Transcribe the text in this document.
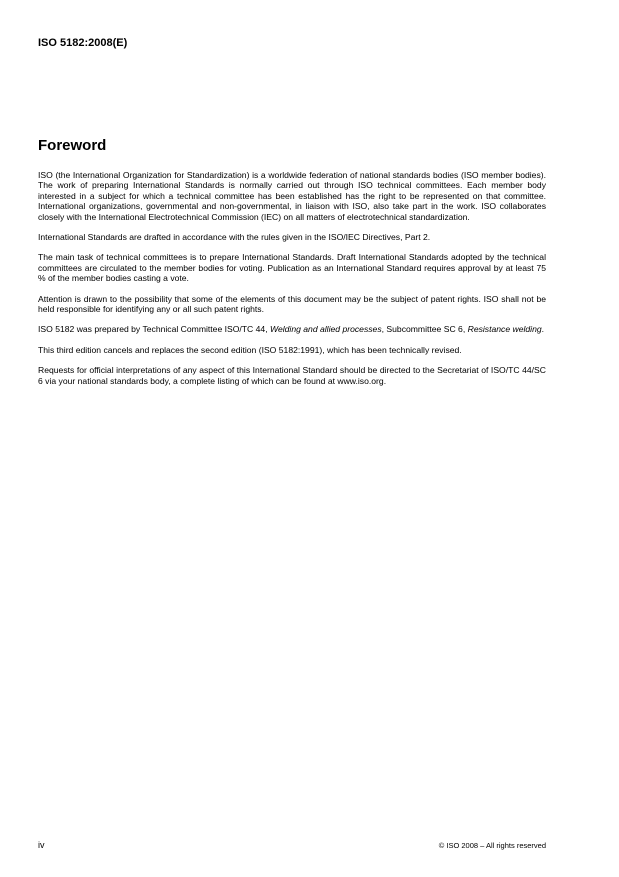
ISO 5182:2008(E)
Foreword

ISO (the International Organization for Standardization) is a worldwide federation of national standards bodies (ISO member bodies). The work of preparing International Standards is normally carried out through ISO technical committees. Each member body interested in a subject for which a technical committee has been established has the right to be represented on that committee. International organizations, governmental and non-governmental, in liaison with ISO, also take part in the work. ISO collaborates closely with the International Electrotechnical Commission (IEC) on all matters of electrotechnical standardization.

International Standards are drafted in accordance with the rules given in the ISO/IEC Directives, Part 2.

The main task of technical committees is to prepare International Standards. Draft International Standards adopted by the technical committees are circulated to the member bodies for voting. Publication as an International Standard requires approval by at least 75 % of the member bodies casting a vote.

Attention is drawn to the possibility that some of the elements of this document may be the subject of patent rights. ISO shall not be held responsible for identifying any or all such patent rights.

ISO 5182 was prepared by Technical Committee ISO/TC 44, Welding and allied processes, Subcommittee SC 6, Resistance welding.

This third edition cancels and replaces the second edition (ISO 5182:1991), which has been technically revised.

Requests for official interpretations of any aspect of this International Standard should be directed to the Secretariat of ISO/TC 44/SC 6 via your national standards body, a complete listing of which can be found at www.iso.org.

iv	© ISO 2008 – All rights reserved
